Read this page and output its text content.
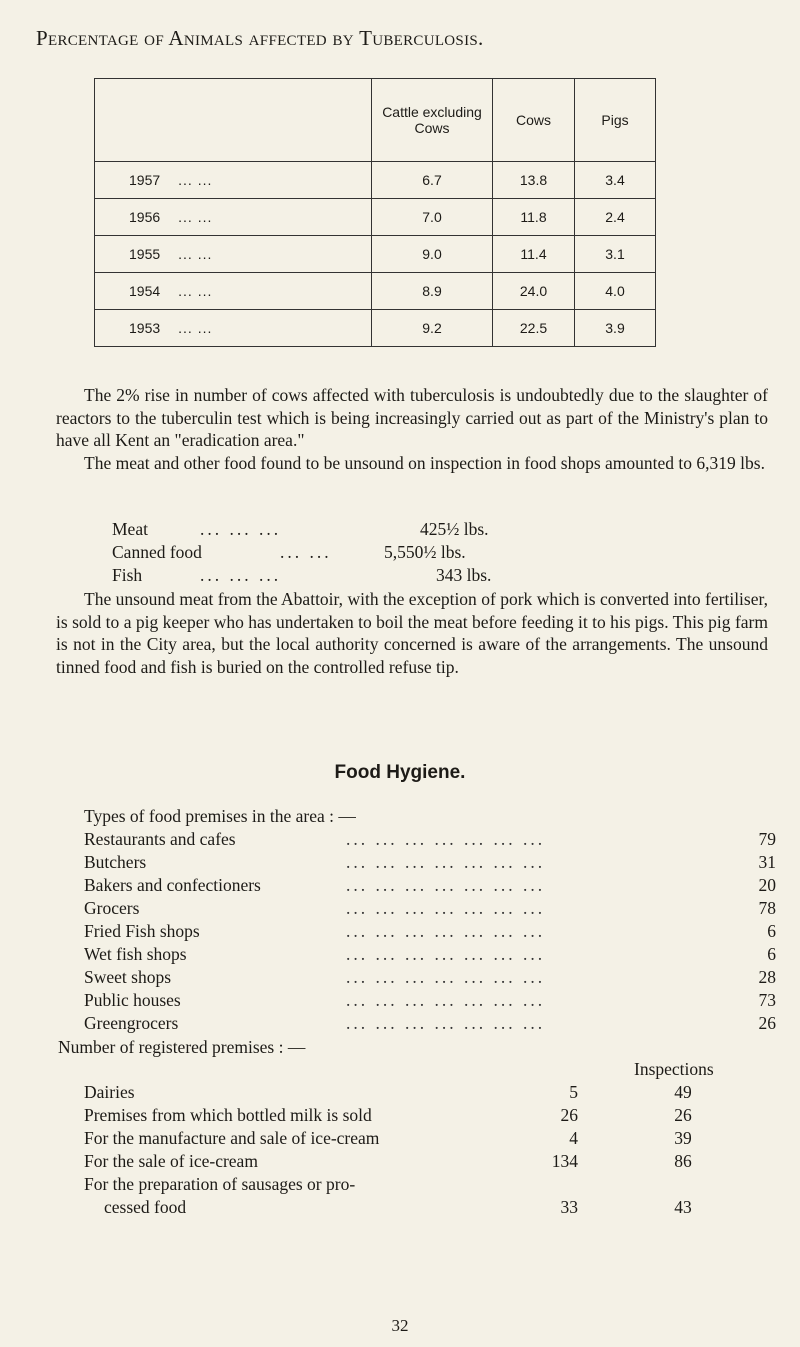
Percentage of Animals affected by Tuberculosis.
	Cattle excluding Cows	Cows	Pigs
1957 ... ...	6.7	13.8	3.4
1956 ... ...	7.0	11.8	2.4
1955 ... ...	9.0	11.4	3.1
1954 ... ...	8.9	24.0	4.0
1953 ... ...	9.2	22.5	3.9

The 2% rise in number of cows affected with tuberculosis is undoubtedly due to the slaughter of reactors to the tuberculin test which is being increasingly carried out as part of the Ministry's plan to have all Kent an "eradication area."

The meat and other food found to be unsound on inspection in food shops amounted to 6,319 lbs.

Meat	... ... ...	425½ lbs.
Canned food	... ...	5,550½ lbs.
Fish	... ... ...	343 lbs.

The unsound meat from the Abattoir, with the exception of pork which is converted into fertiliser, is sold to a pig keeper who has undertaken to boil the meat before feeding it to his pigs. This pig farm is not in the City area, but the local authority concerned is aware of the arrangements. The unsound tinned food and fish is buried on the controlled refuse tip.

Food Hygiene.
Types of food premises in the area : —
Restaurants and cafes	... ... ... ... ... ... ...	79
Butchers	... ... ... ... ... ... ...	31
Bakers and confectioners	... ... ... ... ... ... ...	20
Grocers	... ... ... ... ... ... ...	78
Fried Fish shops	... ... ... ... ... ... ...	6
Wet fish shops	... ... ... ... ... ... ...	6
Sweet shops	... ... ... ... ... ... ...	28
Public houses	... ... ... ... ... ... ...	73
Greengrocers	... ... ... ... ... ... ...	26
Number of registered premises : —
Inspections
Dairies	5	49
Premises from which bottled milk is sold	26	26
For the manufacture and sale of ice-cream	4	39
For the sale of ice-cream	134	86
For the preparation of sausages or pro-
cessed food	33	43
32
